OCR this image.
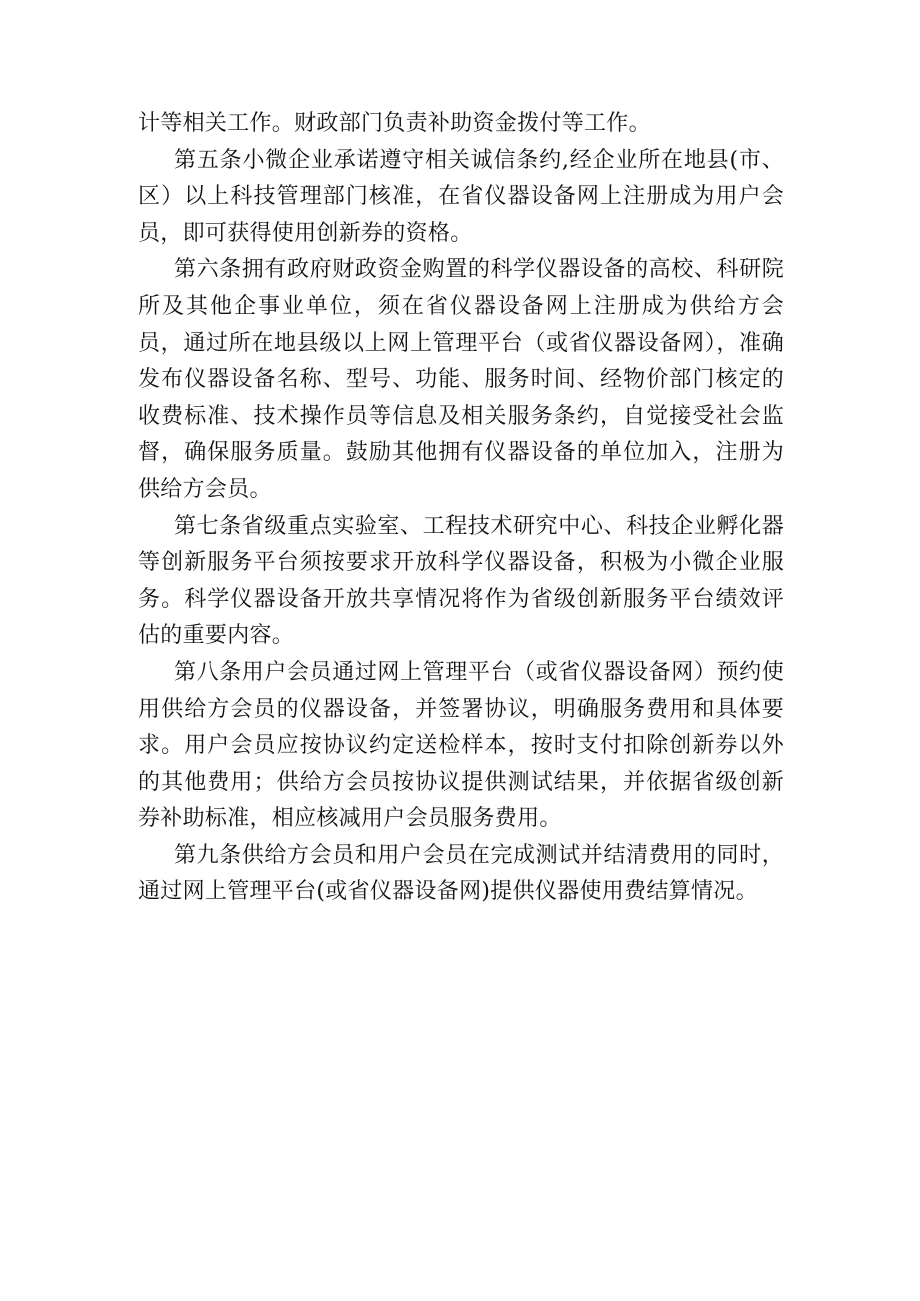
计等相关工作。财政部门负责补助资金拨付等工作。

第五条小微企业承诺遵守相关诚信条约,经企业所在地县(市、区）以上科技管理部门核准，在省仪器设备网上注册成为用户会员，即可获得使用创新券的资格。

第六条拥有政府财政资金购置的科学仪器设备的高校、科研院所及其他企事业单位，须在省仪器设备网上注册成为供给方会员，通过所在地县级以上网上管理平台（或省仪器设备网），准确发布仪器设备名称、型号、功能、服务时间、经物价部门核定的收费标准、技术操作员等信息及相关服务条约，自觉接受社会监督，确保服务质量。鼓励其他拥有仪器设备的单位加入，注册为供给方会员。

第七条省级重点实验室、工程技术研究中心、科技企业孵化器等创新服务平台须按要求开放科学仪器设备，积极为小微企业服务。科学仪器设备开放共享情况将作为省级创新服务平台绩效评估的重要内容。

第八条用户会员通过网上管理平台（或省仪器设备网）预约使用供给方会员的仪器设备，并签署协议，明确服务费用和具体要求。用户会员应按协议约定送检样本，按时支付扣除创新券以外的其他费用；供给方会员按协议提供测试结果，并依据省级创新券补助标准，相应核减用户会员服务费用。

第九条供给方会员和用户会员在完成测试并结清费用的同时，通过网上管理平台(或省仪器设备网)提供仪器使用费结算情况。
